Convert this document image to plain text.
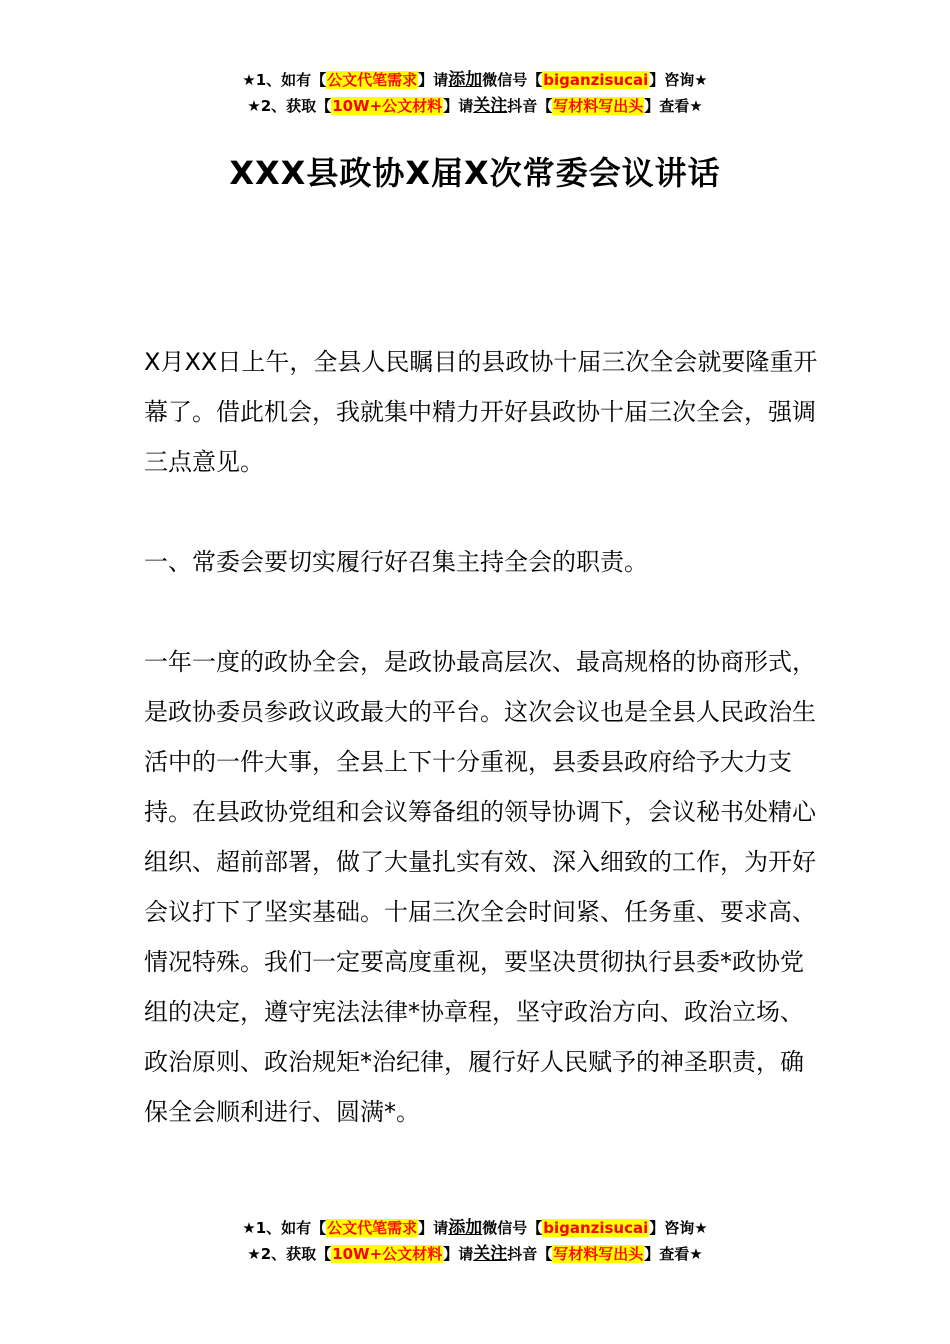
★1、如有【公文代笔需求】请添加微信号【biganzisucai】咨询★
★2、获取【10W+公文材料】请关注抖音【写材料写出头】查看★
XXX县政协X届X次常委会议讲话

X月XX日上午，全县人民瞩目的县政协十届三次全会就要隆重开幕了。借此机会，我就集中精力开好县政协十届三次全会，强调三点意见。

一、常委会要切实履行好召集主持全会的职责。

一年一度的政协全会，是政协最高层次、最高规格的协商形式，是政协委员参政议政最大的平台。这次会议也是全县人民政治生活中的一件大事，全县上下十分重视，县委县政府给予大力支持。在县政协党组和会议筹备组的领导协调下，会议秘书处精心组织、超前部署，做了大量扎实有效、深入细致的工作，为开好会议打下了坚实基础。十届三次全会时间紧、任务重、要求高、情况特殊。我们一定要高度重视，要坚决贯彻执行县委*政协党组的决定，遵守宪法法律*协章程，坚守政治方向、政治立场、政治原则、政治规矩*治纪律，履行好人民赋予的神圣职责，确保全会顺利进行、圆满*。

★1、如有【公文代笔需求】请添加微信号【biganzisucai】咨询★
★2、获取【10W+公文材料】请关注抖音【写材料写出头】查看★
